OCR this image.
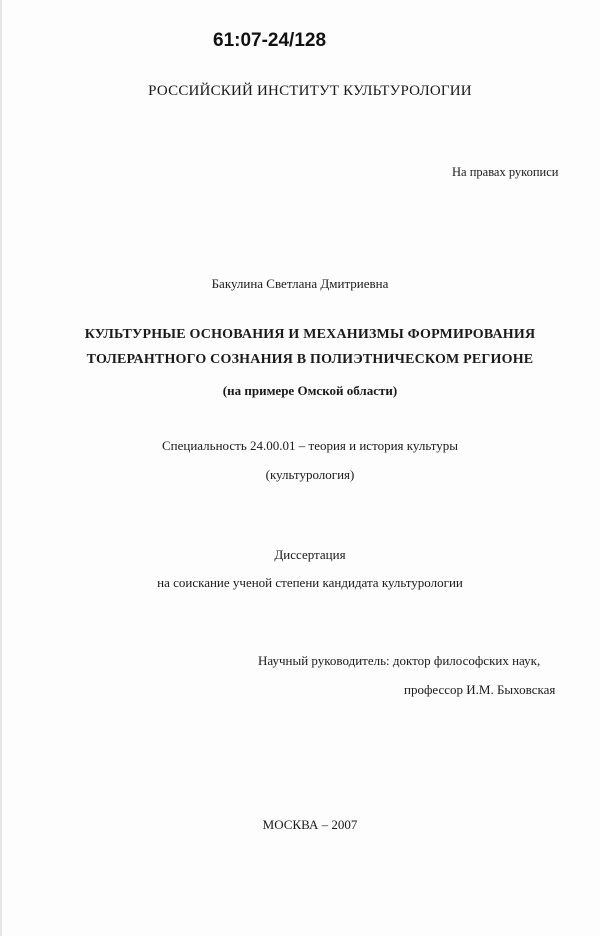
61:07-24/128
РОССИЙСКИЙ ИНСТИТУТ КУЛЬТУРОЛОГИИ
На правах рукописи
Бакулина Светлана Дмитриевна
КУЛЬТУРНЫЕ ОСНОВАНИЯ И МЕХАНИЗМЫ ФОРМИРОВАНИЯ
ТОЛЕРАНТНОГО СОЗНАНИЯ В ПОЛИЭТНИЧЕСКОМ РЕГИОНЕ
(на примере Омской области)
Специальность 24.00.01 – теория и история культуры
(культурология)
Диссертация
на соискание ученой степени кандидата культурологии
Научный руководитель: доктор философских наук,
профессор И.М. Быховская
МОСКВА – 2007
